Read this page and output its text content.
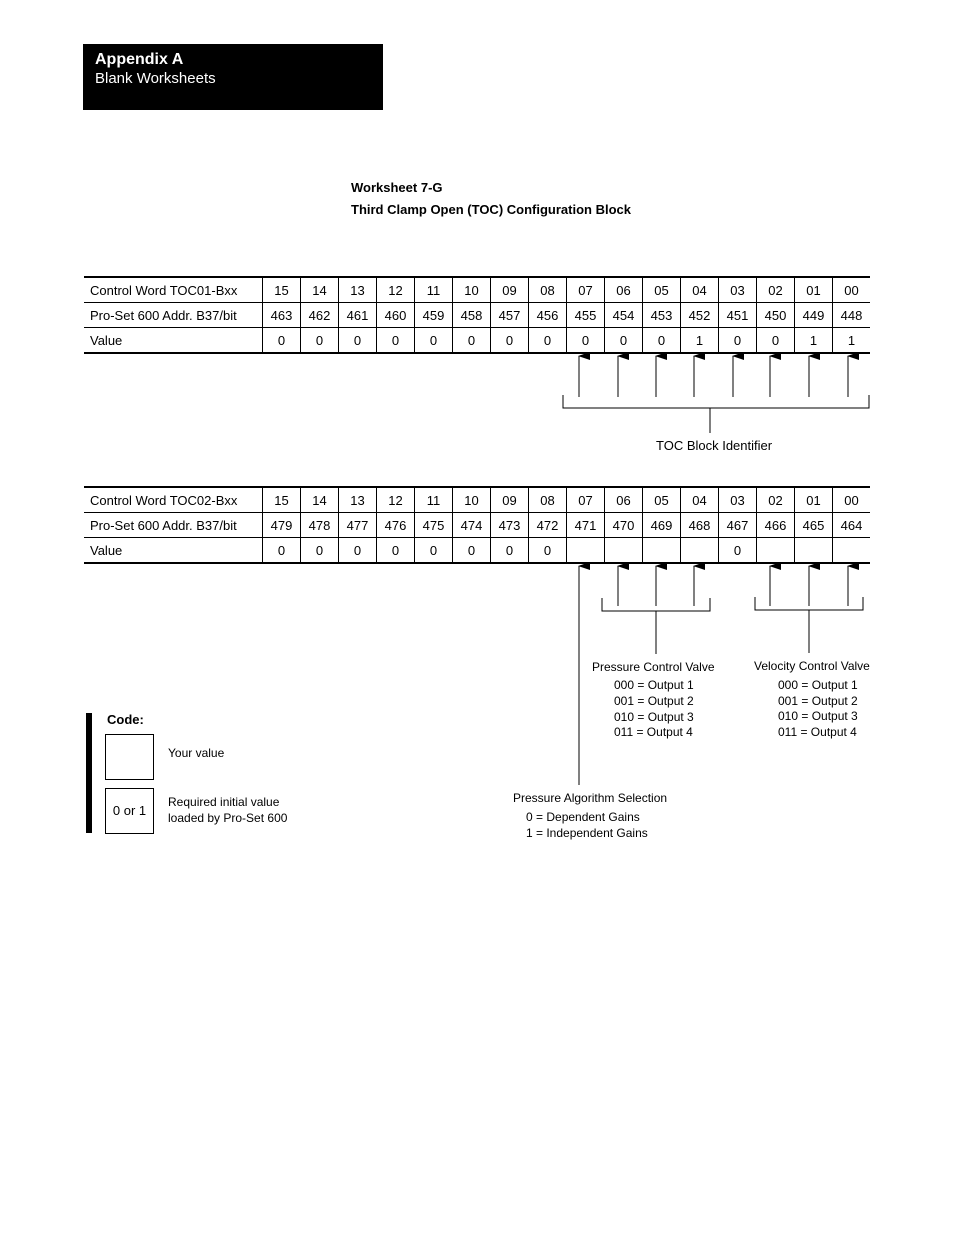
Appendix A
Blank Worksheets
Worksheet 7-G
Third Clamp Open (TOC) Configuration Block
Control Word TOC01-Bxx	15	14	13	12	11	10	09	08	07	06	05	04	03	02	01	00
Pro-Set 600 Addr. B37/bit	463	462	461	460	459	458	457	456	455	454	453	452	451	450	449	448
Value	0	0	0	0	0	0	0	0	0	0	0	1	0	0	1	1
Control Word TOC02-Bxx	15	14	13	12	11	10	09	08	07	06	05	04	03	02	01	00
Pro-Set 600 Addr. B37/bit	479	478	477	476	475	474	473	472	471	470	469	468	467	466	465	464
Value	0	0	0	0	0	0	0	0					0			
TOC Block Identifier
Pressure Control Valve
000 = Output 1
001 = Output 2
010 = Output 3
011 = Output 4
Velocity Control Valve
000 = Output 1
001 = Output 2
010 = Output 3
011 = Output 4
Pressure Algorithm Selection
0 = Dependent Gains
1 = Independent Gains
Code:
Your value
0 or 1
Required initial value
loaded by Pro-Set 600
